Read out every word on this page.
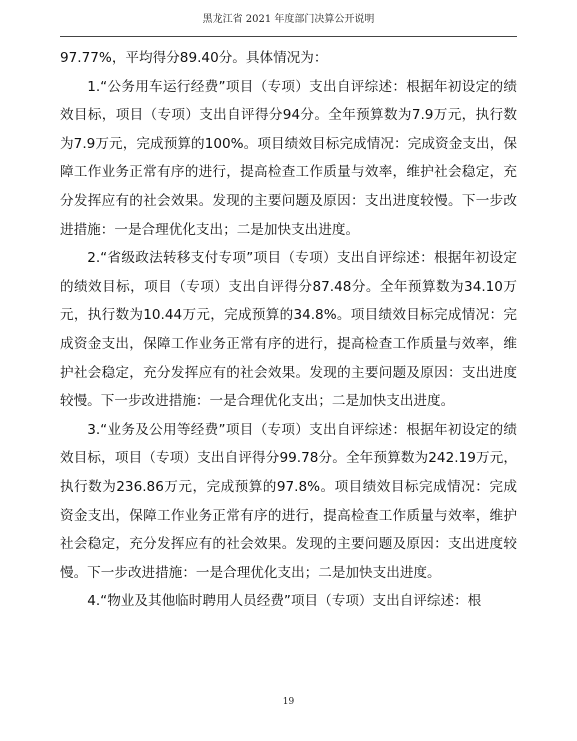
黑龙江省 2021 年度部门决算公开说明

97.77%，平均得分89.40分。具体情况为：

1.“公务用车运行经费”项目（专项）支出自评综述：根据年初设定的绩效目标，项目（专项）支出自评得分94分。全年预算数为7.9万元，执行数为7.9万元，完成预算的100%。项目绩效目标完成情况：完成资金支出，保障工作业务正常有序的进行，提高检查工作质量与效率，维护社会稳定，充分发挥应有的社会效果。发现的主要问题及原因：支出进度较慢。下一步改进措施：一是合理优化支出；二是加快支出进度。

2.“省级政法转移支付专项”项目（专项）支出自评综述：根据年初设定的绩效目标，项目（专项）支出自评得分87.48分。全年预算数为34.10万元，执行数为10.44万元，完成预算的34.8%。项目绩效目标完成情况：完成资金支出，保障工作业务正常有序的进行，提高检查工作质量与效率，维护社会稳定，充分发挥应有的社会效果。发现的主要问题及原因：支出进度较慢。下一步改进措施：一是合理优化支出；二是加快支出进度。

3.“业务及公用等经费”项目（专项）支出自评综述：根据年初设定的绩效目标，项目（专项）支出自评得分99.78分。全年预算数为242.19万元，执行数为236.86万元，完成预算的97.8%。项目绩效目标完成情况：完成资金支出，保障工作业务正常有序的进行，提高检查工作质量与效率，维护社会稳定，充分发挥应有的社会效果。发现的主要问题及原因：支出进度较慢。下一步改进措施：一是合理优化支出；二是加快支出进度。

4.“物业及其他临时聘用人员经费”项目（专项）支出自评综述：根

19
